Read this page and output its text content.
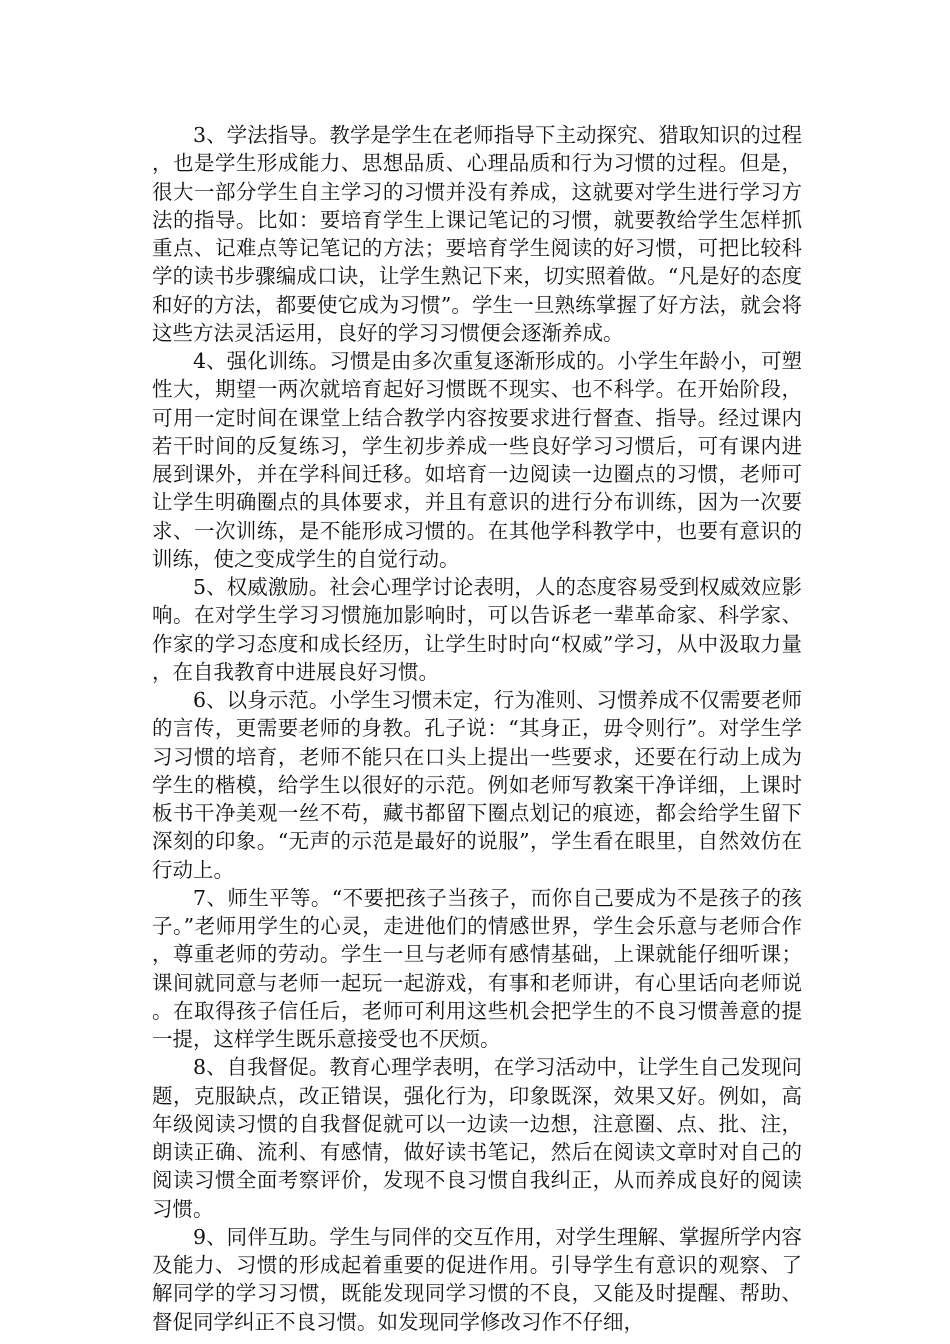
3、学法指导。教学是学生在老师指导下主动探究、猎取知识的过程，也是学生形成能力、思想品质、心理品质和行为习惯的过程。但是，很大一部分学生自主学习的习惯并没有养成，这就要对学生进行学习方法的指导。比如：要培育学生上课记笔记的习惯，就要教给学生怎样抓重点、记难点等记笔记的方法；要培育学生阅读的好习惯，可把比较科学的读书步骤编成口诀，让学生熟记下来，切实照着做。“凡是好的态度和好的方法，都要使它成为习惯”。学生一旦熟练掌握了好方法，就会将这些方法灵活运用，良好的学习习惯便会逐渐养成。

4、强化训练。习惯是由多次重复逐渐形成的。小学生年龄小，可塑性大，期望一两次就培育起好习惯既不现实、也不科学。在开始阶段，可用一定时间在课堂上结合教学内容按要求进行督查、指导。经过课内若干时间的反复练习，学生初步养成一些良好学习习惯后，可有课内进展到课外，并在学科间迁移。如培育一边阅读一边圈点的习惯，老师可让学生明确圈点的具体要求，并且有意识的进行分布训练，因为一次要求、一次训练，是不能形成习惯的。在其他学科教学中，也要有意识的训练，使之变成学生的自觉行动。

5、权威激励。社会心理学讨论表明，人的态度容易受到权威效应影响。在对学生学习习惯施加影响时，可以告诉老一辈革命家、科学家、作家的学习态度和成长经历，让学生时时向“权威”学习，从中汲取力量，在自我教育中进展良好习惯。

6、以身示范。小学生习惯未定，行为准则、习惯养成不仅需要老师的言传，更需要老师的身教。孔子说：“其身正，毋令则行”。对学生学习习惯的培育，老师不能只在口头上提出一些要求，还要在行动上成为学生的楷模，给学生以很好的示范。例如老师写教案干净详细，上课时板书干净美观一丝不苟，藏书都留下圈点划记的痕迹，都会给学生留下深刻的印象。“无声的示范是最好的说服”，学生看在眼里，自然效仿在行动上。

7、师生平等。“不要把孩子当孩子，而你自己要成为不是孩子的孩子。”老师用学生的心灵，走进他们的情感世界，学生会乐意与老师合作，尊重老师的劳动。学生一旦与老师有感情基础，上课就能仔细听课；课间就同意与老师一起玩一起游戏，有事和老师讲，有心里话向老师说。在取得孩子信任后，老师可利用这些机会把学生的不良习惯善意的提一提，这样学生既乐意接受也不厌烦。

8、自我督促。教育心理学表明，在学习活动中，让学生自己发现问题，克服缺点，改正错误，强化行为，印象既深，效果又好。例如，高年级阅读习惯的自我督促就可以一边读一边想，注意圈、点、批、注，朗读正确、流利、有感情，做好读书笔记，然后在阅读文章时对自己的阅读习惯全面考察评价，发现不良习惯自我纠正，从而养成良好的阅读习惯。

9、同伴互助。学生与同伴的交互作用，对学生理解、掌握所学内容及能力、习惯的形成起着重要的促进作用。引导学生有意识的观察、了解同学的学习习惯，既能发现同学习惯的不良，又能及时提醒、帮助、督促同学纠正不良习惯。如发现同学修改习作不仔细，
